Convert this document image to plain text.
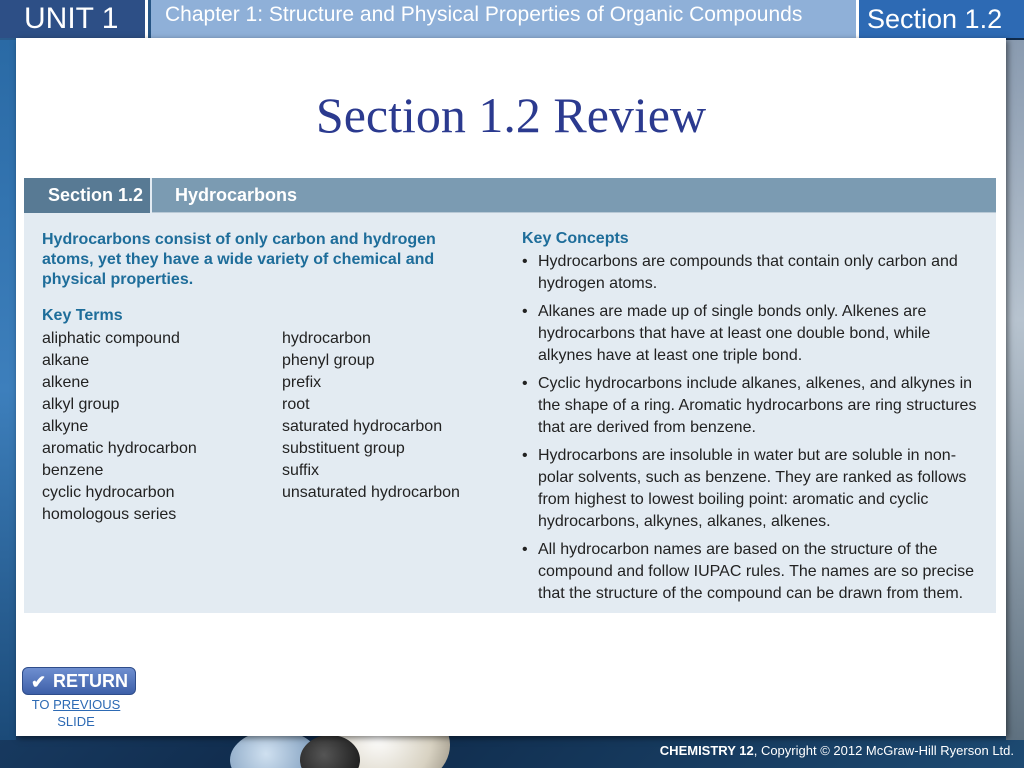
UNIT 1	Chapter 1: Structure and Physical Properties of Organic Compounds	Section 1.2
Section 1.2 Review
Section 1.2	Hydrocarbons
Hydrocarbons consist of only carbon and hydrogen atoms, yet they have a wide variety of chemical and physical properties.
Key Terms
aliphatic compound
alkane
alkene
alkyl group
alkyne
aromatic hydrocarbon
benzene
cyclic hydrocarbon
homologous series
hydrocarbon
phenyl group
prefix
root
saturated hydrocarbon
substituent group
suffix
unsaturated hydrocarbon
Key Concepts
• Hydrocarbons are compounds that contain only carbon and hydrogen atoms.
• Alkanes are made up of single bonds only. Alkenes are hydrocarbons that have at least one double bond, while alkynes have at least one triple bond.
• Cyclic hydrocarbons include alkanes, alkenes, and alkynes in the shape of a ring. Aromatic hydrocarbons are ring structures that are derived from benzene.
• Hydrocarbons are insoluble in water but are soluble in non-polar solvents, such as benzene. They are ranked as follows from highest to lowest boiling point: aromatic and cyclic hydrocarbons, alkynes, alkanes, alkenes.
• All hydrocarbon names are based on the structure of the compound and follow IUPAC rules. The names are so precise that the structure of the compound can be drawn from them.
✔ RETURN
TO PREVIOUS
SLIDE
CHEMISTRY 12, Copyright © 2012 McGraw-Hill Ryerson Ltd.
